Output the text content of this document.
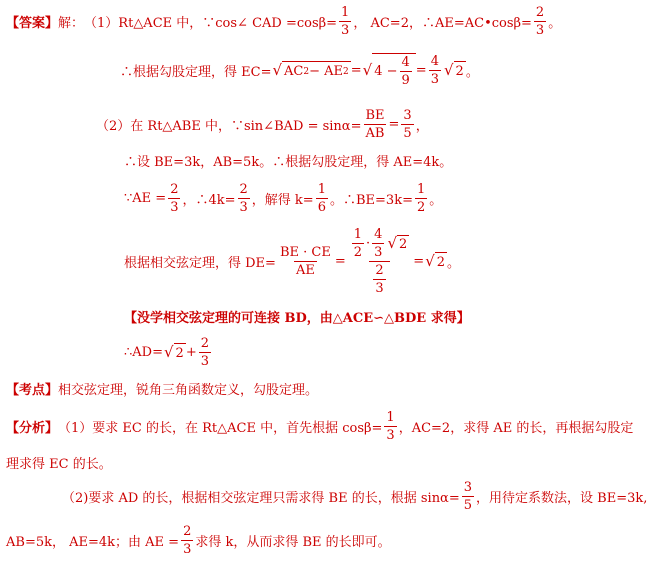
【答案】 解： （1）Rt△ACE 中，∵cos∠ CAD $=\cos\beta= \frac{1}{3}$ ， AC=2，∴AE=AC•cosβ= $\frac{2}{3}$ 。
∴根据勾股定理，得 EC= √ AC 2 − AE 2 = √ $4 - \frac{4}{9} = \frac{4}{3}$ √ 2 。
（2）在 Rt△ABE 中，∵sin∠BAD = $\sin\alpha= \frac{BE}{AB} = \frac{3}{5}$ ，
∴设 BE=3k，AB=5k。∴根据勾股定理，得 AE=4k。
∵AE = $\frac{2}{3}$ ，∴4k= $\frac{2}{3}$ ，解得 $k= \frac{1}{6}$ 。∴BE=3k= $\frac{1}{2}$ 。
根据相交弦定理，得 $DE= \frac{BE \cdot CE}{AE} = \frac{\frac{1}{2} \cdot \frac{4}{3} √ 2}{\frac{2}{3}}$ = √ 2 。
【没学相交弦定理的可连接 BD，由△ACE∽△BDE 求得】
∴AD= √ $2 + \frac{2}{3}$
【考点】 相交弦定理，锐角三角函数定义，勾股定理。
【分析】 （1）要求 EC 的长，在 Rt△ACE 中，首先根据 $\cos\beta= \frac{1}{3}$ ，AC=2，求得 AE 的长，再根据勾股定
理求得 EC 的长。
（2)要求 AD 的长，根据相交弦定理只需求得 BE 的长，根据 $\sin\alpha= \frac{3}{5}$ ，用待定系数法，设 BE=3k,
AB=5k， AE=4k；由 AE = $\frac{2}{3}$ 求得 k，从而求得 BE 的长即可。
